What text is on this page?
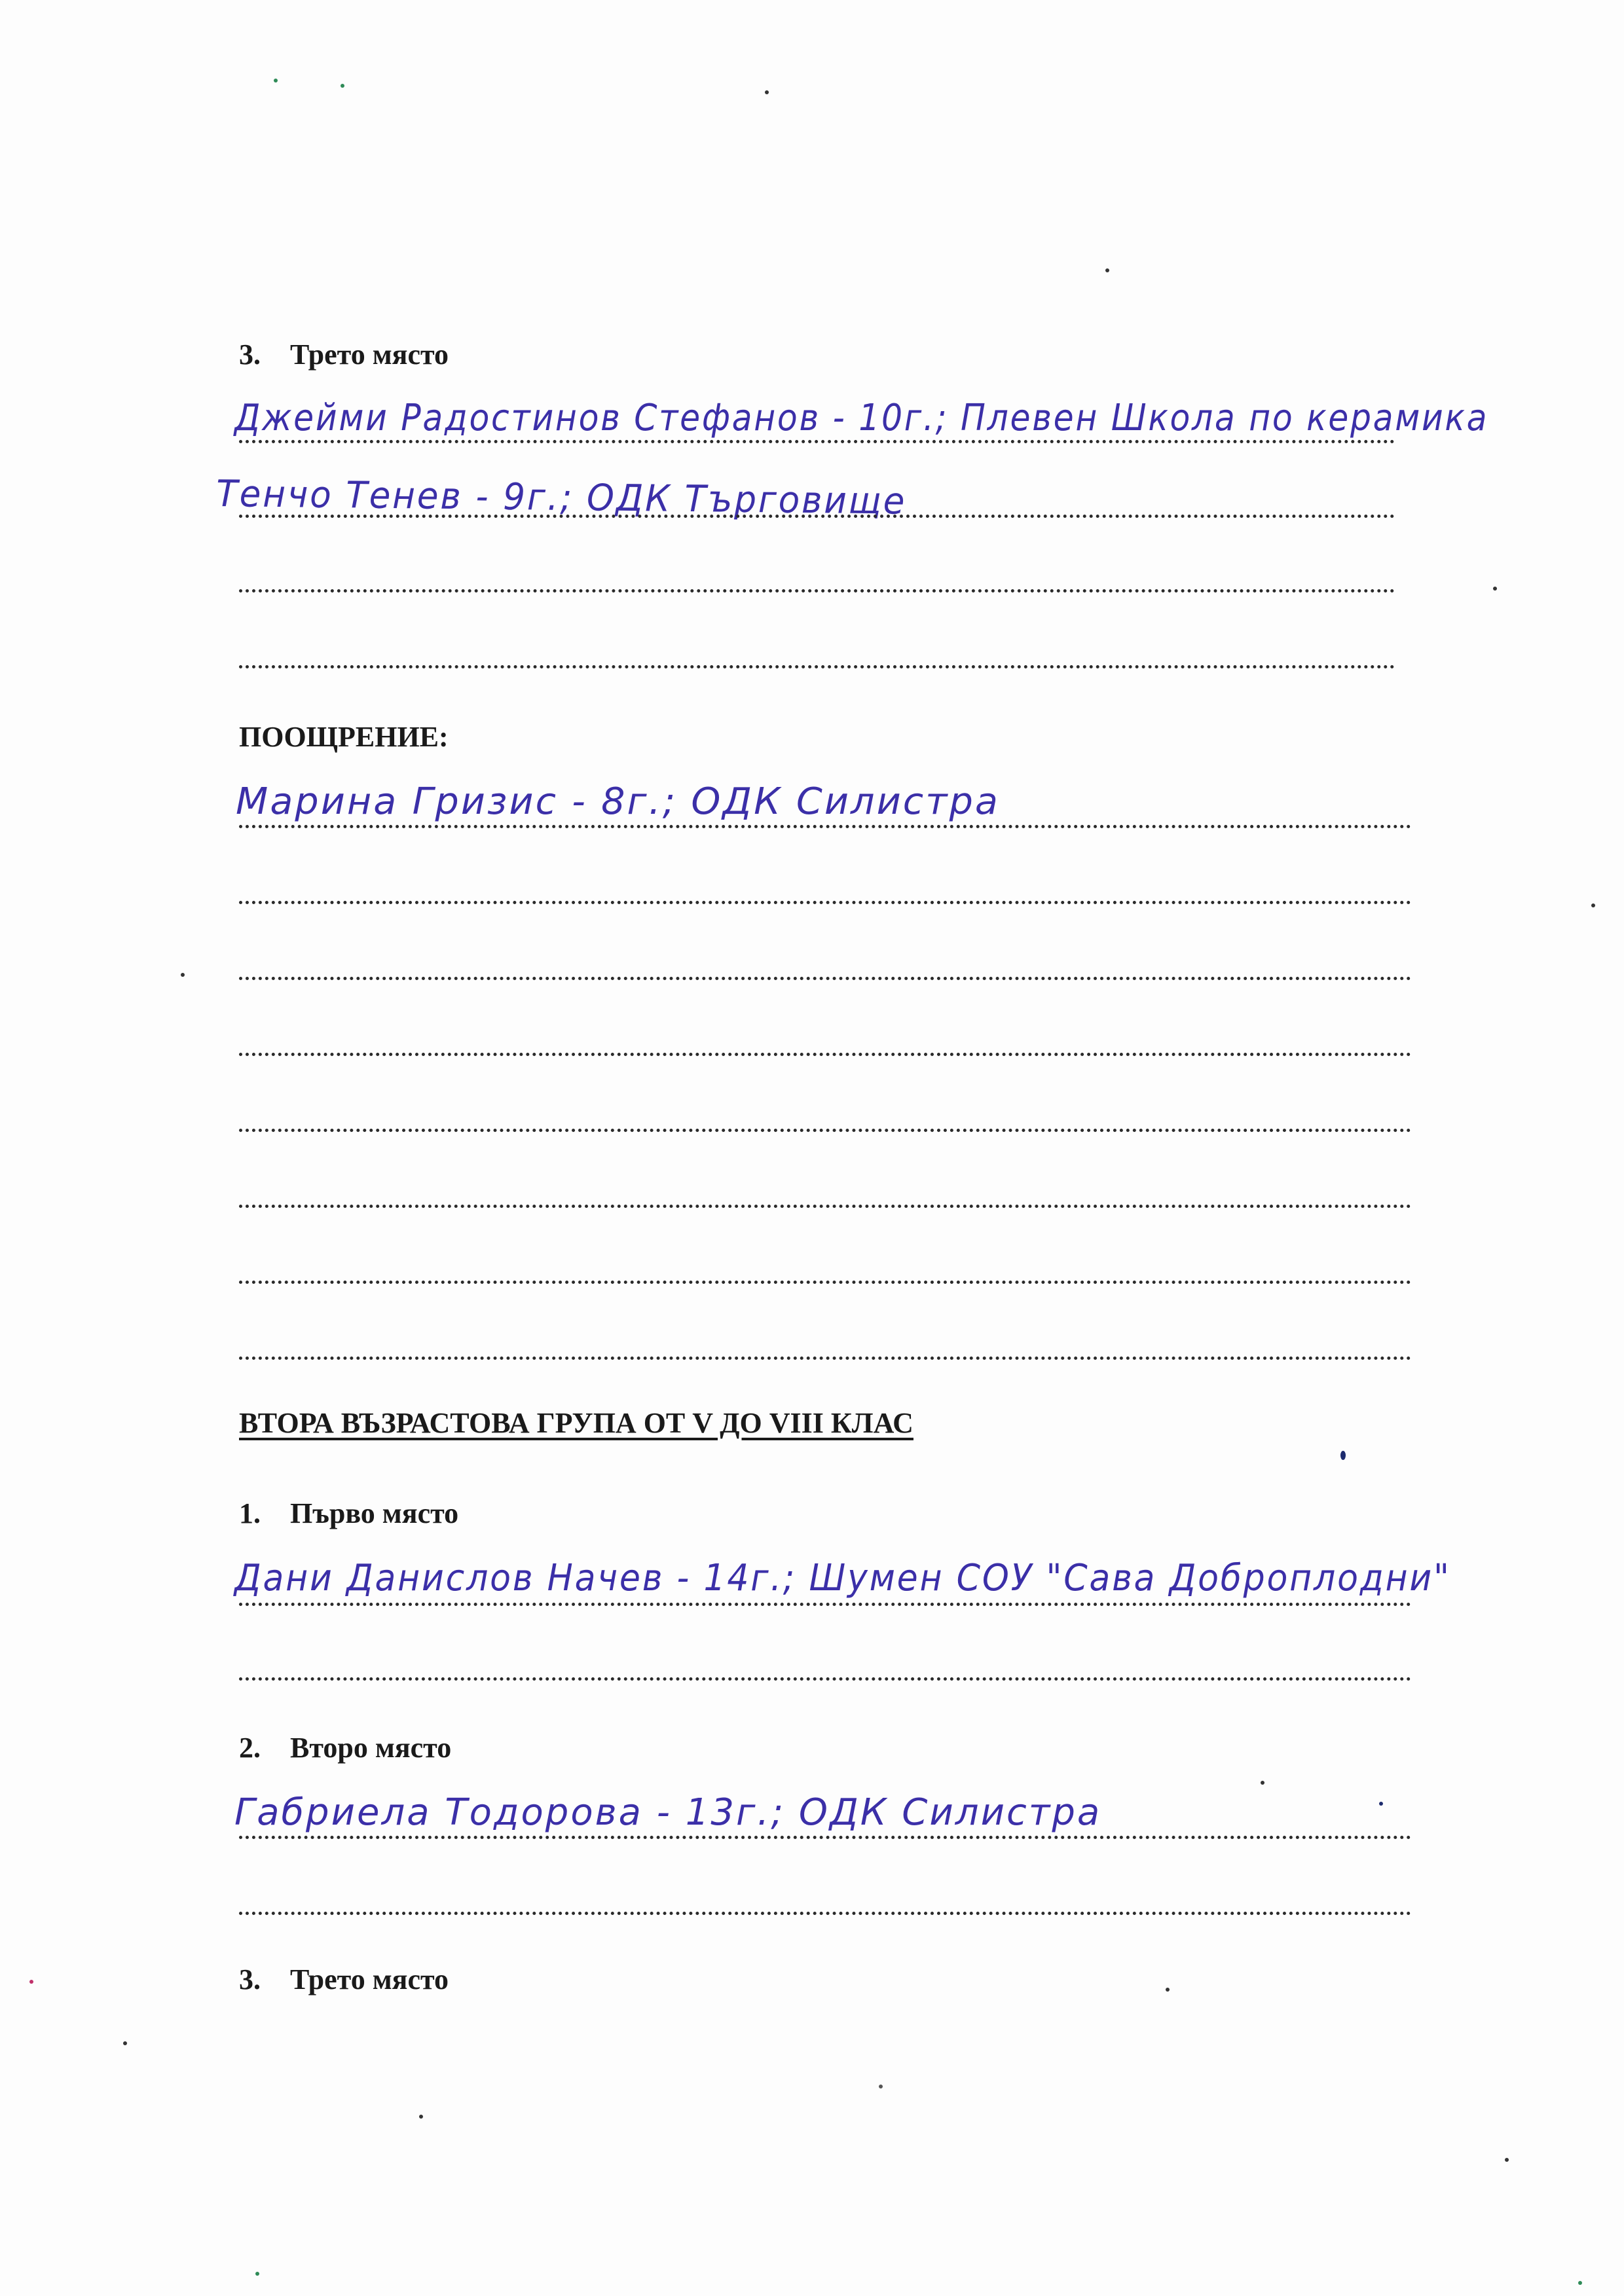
3. Трето място
Джейми Радостинов Стефанов - 10г.; Плевен Школа по керамика
Тенчо Тенев - 9г.; ОДК Търговище
ПООЩРЕНИЕ:
Марина Гризис - 8г.; ОДК Силистра
ВТОРА ВЪЗРАСТОВА ГРУПА ОТ V ДО VIII КЛАС
1. Първо място
Дани Данислов Начев - 14г.; Шумен СОУ "Сава Доброплодни"
2. Второ място
Габриела Тодорова - 13г.; ОДК Силистра
3. Трето място
